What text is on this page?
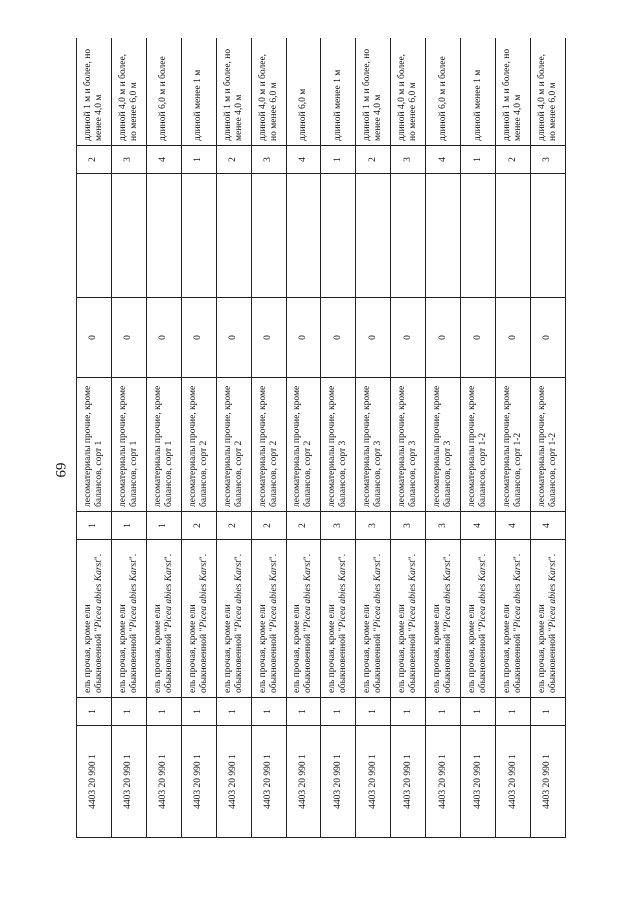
69
4403 20 990 1	1	ель прочая, кроме ели обыкновенной "Picea abies Karst".	1	лесоматериалы прочие, кроме балансов, сорт 1	0		2	длиной 1 м и более, но менее 4,0 м
4403 20 990 1	1	ель прочая, кроме ели обыкновенной "Picea abies Karst".	1	лесоматериалы прочие, кроме балансов, сорт 1	0		3	длиной 4,0 м и более, но менее 6,0 м
4403 20 990 1	1	ель прочая, кроме ели обыкновенной "Picea abies Karst".	1	лесоматериалы прочие, кроме балансов, сорт 1	0		4	длиной 6,0 м и более
4403 20 990 1	1	ель прочая, кроме ели обыкновенной "Picea abies Karst".	2	лесоматериалы прочие, кроме балансов, сорт 2	0		1	длиной менее 1 м
4403 20 990 1	1	ель прочая, кроме ели обыкновенной "Picea abies Karst".	2	лесоматериалы прочие, кроме балансов, сорт 2	0		2	длиной 1 м и более, но менее 4,0 м
4403 20 990 1	1	ель прочая, кроме ели обыкновенной "Picea abies Karst".	2	лесоматериалы прочие, кроме балансов, сорт 2	0		3	длиной 4,0 м и более, но менее 6,0 м
4403 20 990 1	1	ель прочая, кроме ели обыкновенной "Picea abies Karst".	2	лесоматериалы прочие, кроме балансов, сорт 2	0		4	длиной 6,0 м
4403 20 990 1	1	ель прочая, кроме ели обыкновенной "Picea abies Karst".	3	лесоматериалы прочие, кроме балансов, сорт 3	0		1	длиной менее 1 м
4403 20 990 1	1	ель прочая, кроме ели обыкновенной "Picea abies Karst".	3	лесоматериалы прочие, кроме балансов, сорт 3	0		2	длиной 1 м и более, но менее 4,0 м
4403 20 990 1	1	ель прочая, кроме ели обыкновенной "Picea abies Karst".	3	лесоматериалы прочие, кроме балансов, сорт 3	0		3	длиной 4,0 м и более, но менее 6,0 м
4403 20 990 1	1	ель прочая, кроме ели обыкновенной "Picea abies Karst".	3	лесоматериалы прочие, кроме балансов, сорт 3	0		4	длиной 6,0 м и более
4403 20 990 1	1	ель прочая, кроме ели обыкновенной "Picea abies Karst".	4	лесоматериалы прочие, кроме балансов, сорт 1-2	0		1	длиной менее 1 м
4403 20 990 1	1	ель прочая, кроме ели обыкновенной "Picea abies Karst".	4	лесоматериалы прочие, кроме балансов, сорт 1-2	0		2	длиной 1 м и более, но менее 4,0 м
4403 20 990 1	1	ель прочая, кроме ели обыкновенной "Picea abies Karst".	4	лесоматериалы прочие, кроме балансов, сорт 1-2	0		3	длиной 4,0 м и более, но менее 6,0 м
